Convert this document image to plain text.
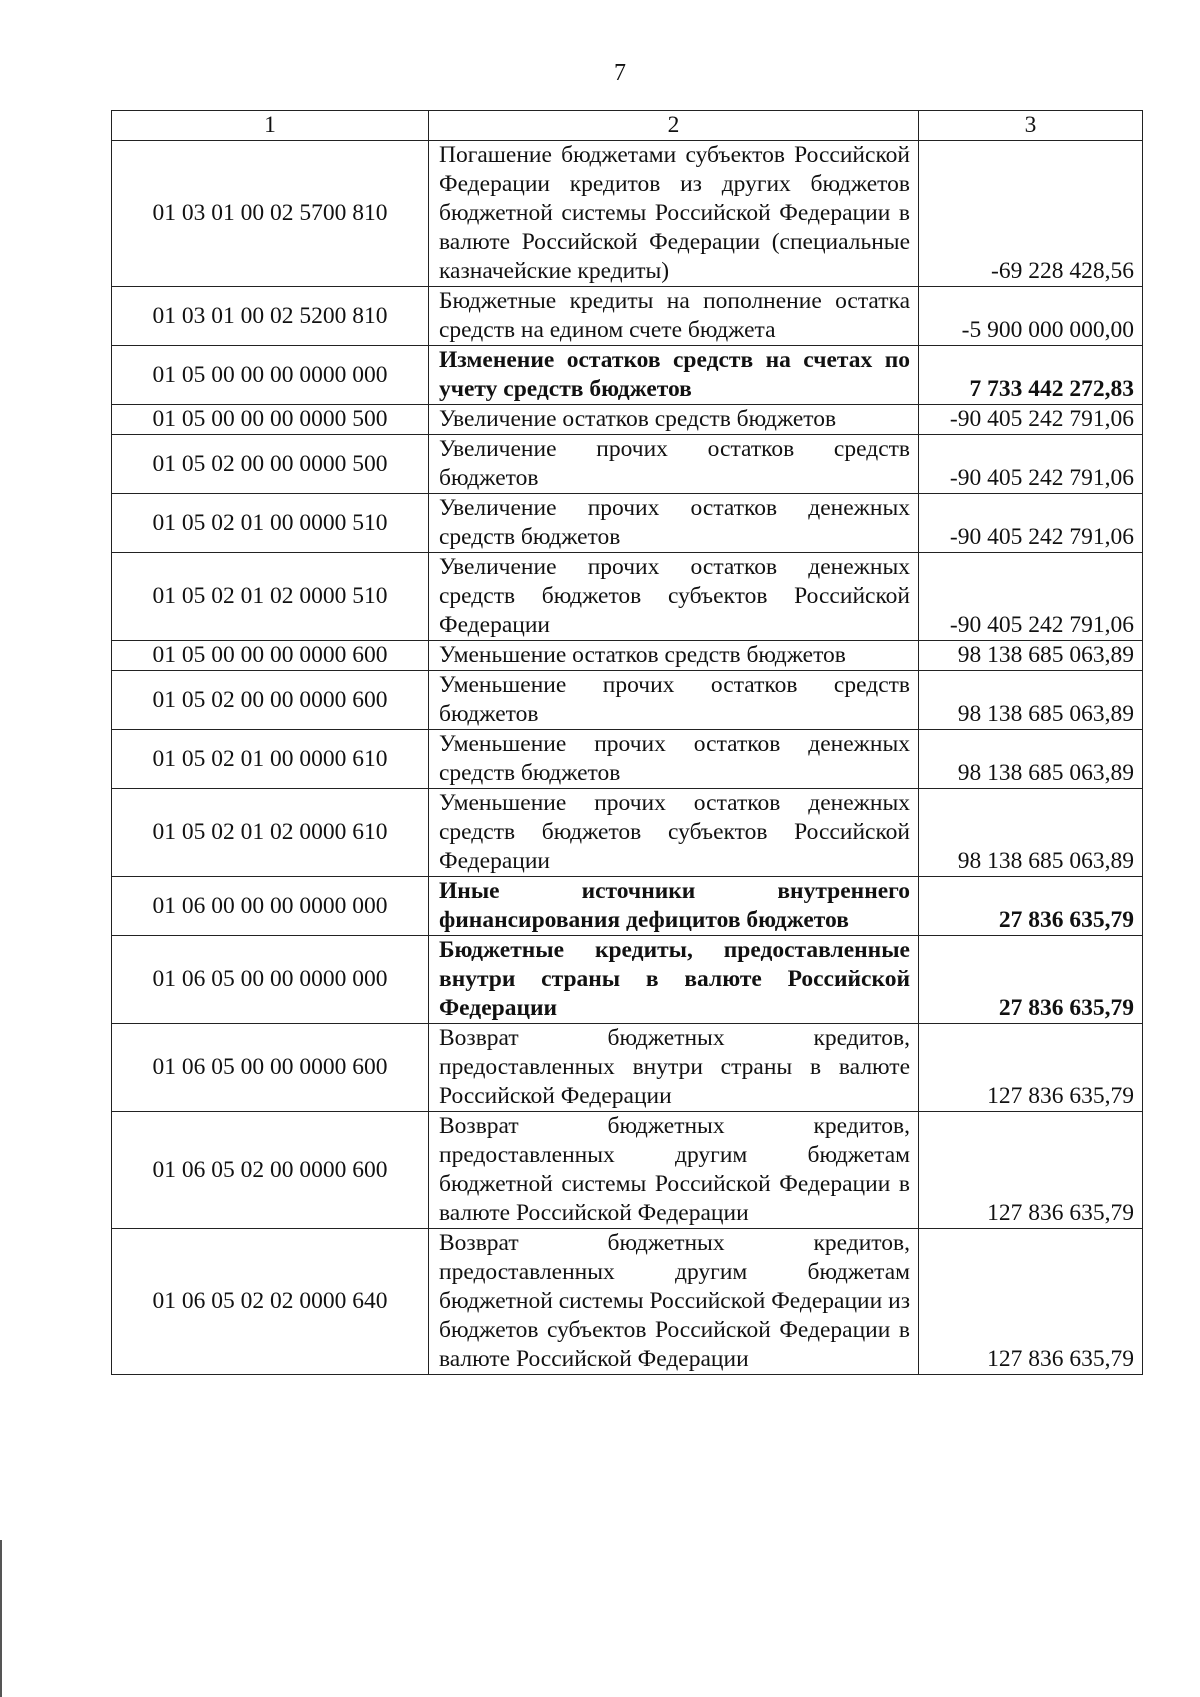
7
1	2	3
01 03 01 00 02 5700 810	Погашение бюджетами субъектов Российской Федерации кредитов из других бюджетов бюджетной системы Российской Федерации в валюте Российской Федерации (специальные казначейские кредиты)	-69 228 428,56
01 03 01 00 02 5200 810	Бюджетные кредиты на пополнение остатка средств на едином счете бюджета	-5 900 000 000,00
01 05 00 00 00 0000 000	Изменение остатков средств на счетах по учету средств бюджетов	7 733 442 272,83
01 05 00 00 00 0000 500	Увеличение остатков средств бюджетов	-90 405 242 791,06
01 05 02 00 00 0000 500	Увеличение прочих остатков средств бюджетов	-90 405 242 791,06
01 05 02 01 00 0000 510	Увеличение прочих остатков денежных средств бюджетов	-90 405 242 791,06
01 05 02 01 02 0000 510	Увеличение прочих остатков денежных средств бюджетов субъектов Российской Федерации	-90 405 242 791,06
01 05 00 00 00 0000 600	Уменьшение остатков средств бюджетов	98 138 685 063,89
01 05 02 00 00 0000 600	Уменьшение прочих остатков средств бюджетов	98 138 685 063,89
01 05 02 01 00 0000 610	Уменьшение прочих остатков денежных средств бюджетов	98 138 685 063,89
01 05 02 01 02 0000 610	Уменьшение прочих остатков денежных средств бюджетов субъектов Российской Федерации	98 138 685 063,89
01 06 00 00 00 0000 000	Иные источники внутреннего финансирования дефицитов бюджетов	27 836 635,79
01 06 05 00 00 0000 000	Бюджетные кредиты, предоставленные внутри страны в валюте Российской Федерации	27 836 635,79
01 06 05 00 00 0000 600	Возврат бюджетных кредитов, предоставленных внутри страны в валюте Российской Федерации	127 836 635,79
01 06 05 02 00 0000 600	Возврат бюджетных кредитов, предоставленных другим бюджетам бюджетной системы Российской Федерации в валюте Российской Федерации	127 836 635,79
01 06 05 02 02 0000 640	Возврат бюджетных кредитов, предоставленных другим бюджетам бюджетной системы Российской Федерации из бюджетов субъектов Российской Федерации в валюте Российской Федерации	127 836 635,79
